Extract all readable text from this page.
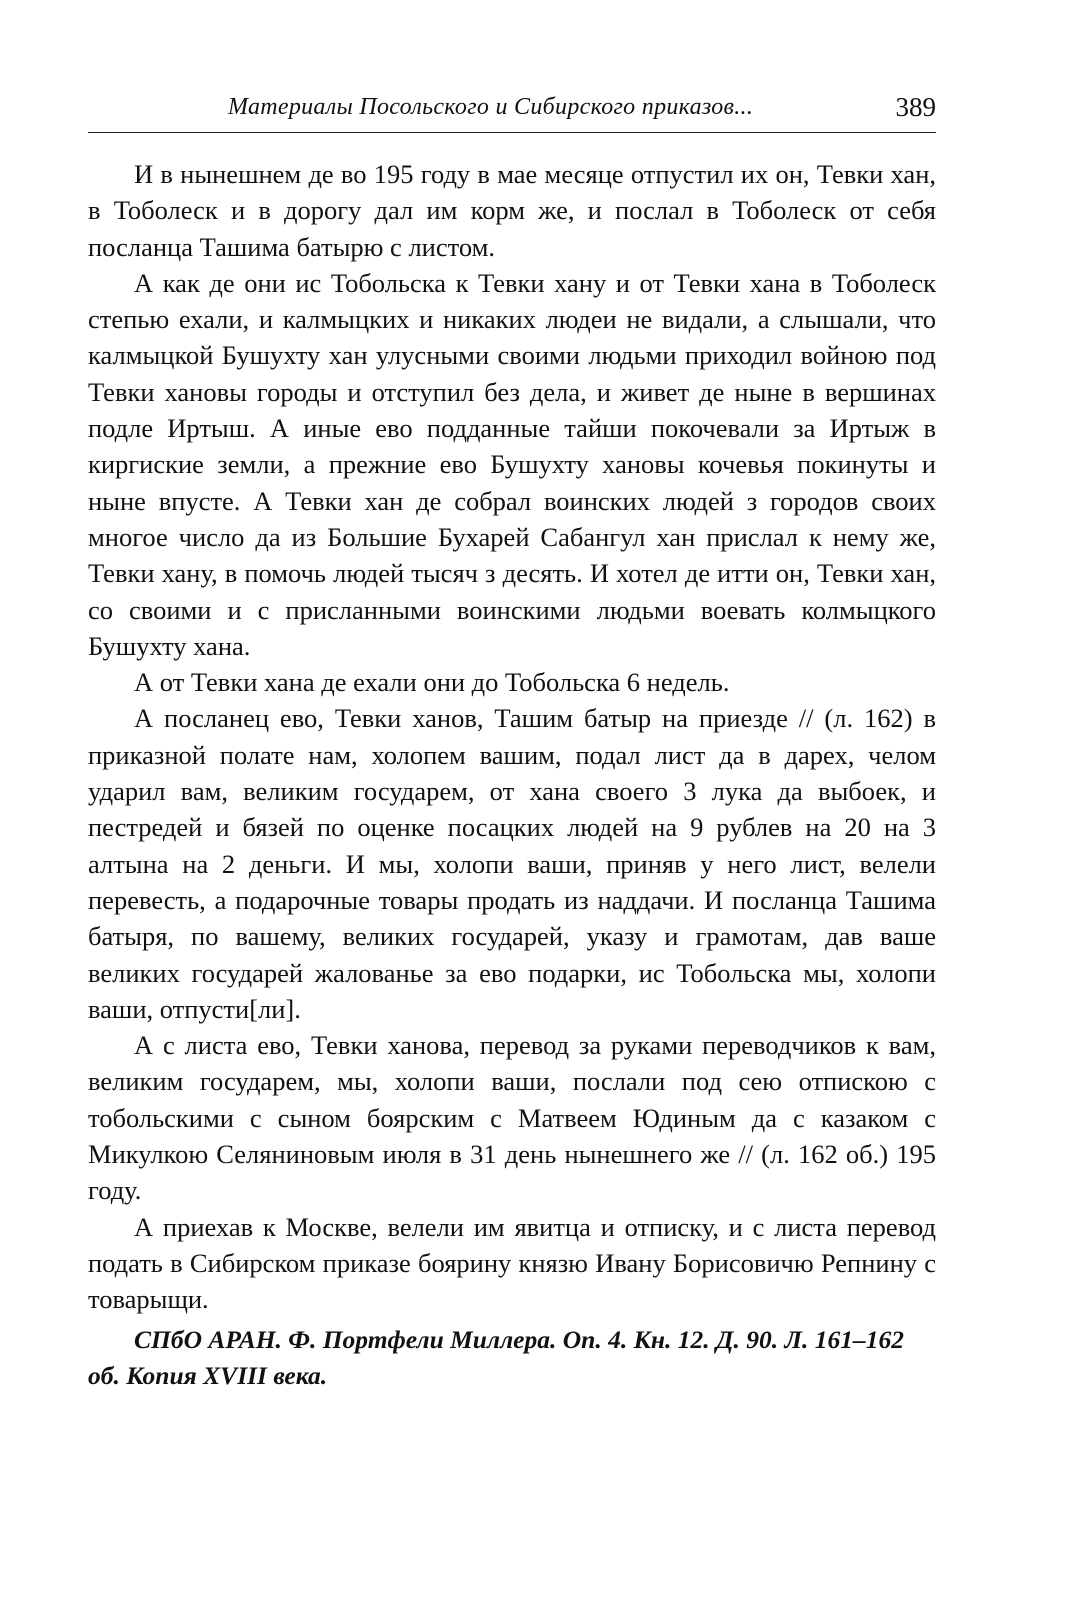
Материалы Посольского и Сибирского приказов...	389

И в нынешнем де во 195 году в мае месяце отпустил их он, Тевки хан, в Тоболеск и в дорогу дал им корм же, и послал в Тоболеск от себя посланца Ташима батырю с листом.

А как де они ис Тобольска к Тевки хану и от Тевки хана в Тоболеск степью ехали, и калмыцких и никаких людеи не видали, а слышали, что калмыцкой Бушухту хан улусными своими людьми приходил войною под Тевки хановы городы и отступил без дела, и живет де ныне в вершинах подле Иртыш. А иные ево подданные тайши покочевали за Иртыж в киргиские земли, а прежние ево Бушухту хановы кочевья покинуты и ныне впусте. А Тевки хан де собрал воинских людей з городов своих многое число да из Большие Бухарей Сабангул хан прислал к нему же, Тевки хану, в помочь людей тысяч з десять. И хотел де итти он, Тевки хан, со своими и с присланными воинскими людьми воевать колмыцкого Бушухту хана.

А от Тевки хана де ехали они до Тобольска 6 недель.

А посланец ево, Тевки ханов, Ташим батыр на приезде // (л. 162) в приказной полате нам, холопем вашим, подал лист да в дарех, челом ударил вам, великим государем, от хана своего 3 лука да выбоек, и пестредей и бязей по оценке посацких людей на 9 рублев на 20 на 3 алтына на 2 деньги. И мы, холопи ваши, приняв у него лист, велели перевесть, а подарочные товары продать из наддачи. И посланца Ташима батыря, по вашему, великих государей, указу и грамотам, дав ваше великих государей жалованье за ево подарки, ис Тобольска мы, холопи ваши, отпусти[ли].

А с листа ево, Тевки ханова, перевод за руками переводчиков к вам, великим государем, мы, холопи ваши, послали под сею отпискою с тобольскими с сыном боярским с Матвеем Юдиным да с казаком с Микулкою Селяниновым июля в 31 день нынешнего же // (л. 162 об.) 195 году.

А приехав к Москве, велели им явитца и отписку, и с листа перевод подать в Сибирском приказе боярину князю Ивану Борисовичю Репнину с товарыщи.

СПбО АРАН. Ф. Портфели Миллера. Оп. 4. Кн. 12. Д. 90. Л. 161–162 об. Копия XVIII века.
